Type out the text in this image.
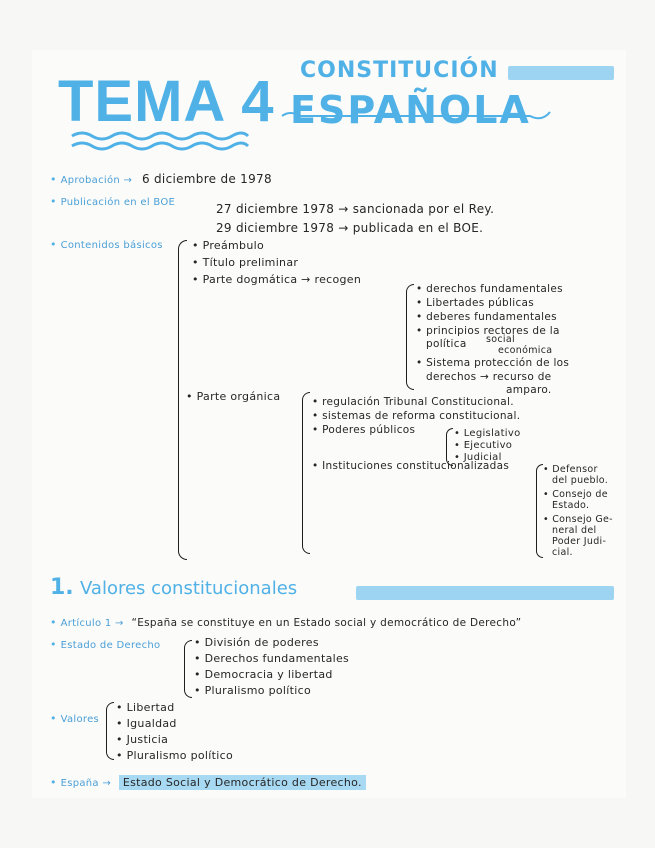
TEMA 4 CONSTITUCIÓN
ESPAÑOLA
• Aprobación → 6 diciembre de 1978
• Publicación en el BOE	27 diciembre 1978 → sancionada por el Rey.
29 diciembre 1978 → publicada en el BOE.
• Contenidos básicos	• Preámbulo
• Título preliminar
• Parte dogmática → recogen
• derechos fundamentales
• Libertades públicas
• deberes fundamentales
• principios rectores de la
política social
económica
• Sistema protección de los
derechos → recurso de
amparo.
• Parte orgánica	• regulación Tribunal Constitucional.
• sistemas de reforma constitucional.
• Poderes públicos	• Legislativo
• Ejecutivo
• Judicial
• Instituciones constitucionalizadas	• Defensor
del pueblo.
• Consejo de
Estado.
• Consejo Ge-
neral del
Poder Judi-
cial.
1. Valores constitucionales
• Artículo 1 → “España se constituye en un Estado social y democrático de Derecho”
• Estado de Derecho	• División de poderes
• Derechos fundamentales
• Democracia y libertad
• Pluralismo político
• Valores
• Libertad
• Igualdad
• Justicia
• Pluralismo político
• España → Estado Social y Democrático de Derecho.
